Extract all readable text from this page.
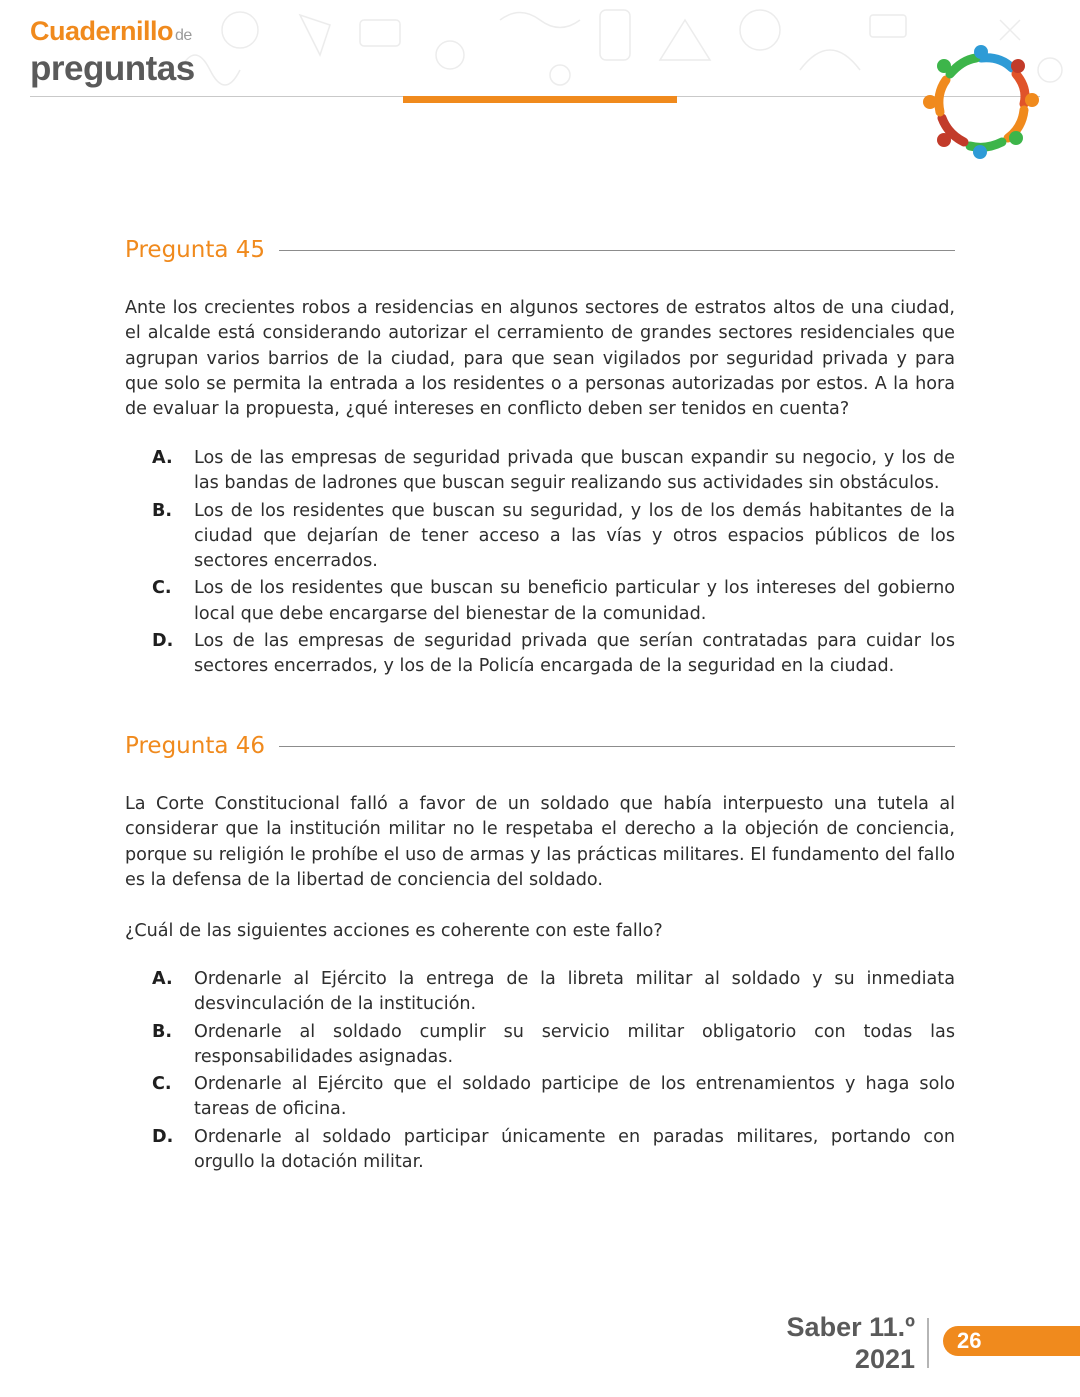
Cuadernillo de
preguntas
Pregunta 45
Ante los crecientes robos a residencias en algunos sectores de estratos altos de una ciudad, el alcalde está considerando autorizar el cerramiento de grandes sectores residenciales que agrupan varios barrios de la ciudad, para que sean vigilados por seguridad privada y para que solo se permita la entrada a los residentes o a personas autorizadas por estos. A la hora de evaluar la propuesta, ¿qué intereses en conflicto deben ser tenidos en cuenta?
A.	Los de las empresas de seguridad privada que buscan expandir su negocio, y los de las bandas de ladrones que buscan seguir realizando sus actividades sin obstáculos.
B.	Los de los residentes que buscan su seguridad, y los de los demás habitantes de la ciudad que dejarían de tener acceso a las vías y otros espacios públicos de los sectores encerrados.
C.	Los de los residentes que buscan su beneficio particular y los intereses del gobierno local que debe encargarse del bienestar de la comunidad.
D.	Los de las empresas de seguridad privada que serían contratadas para cuidar los sectores encerrados, y los de la Policía encargada de la seguridad en la ciudad.
Pregunta 46
La Corte Constitucional falló a favor de un soldado que había interpuesto una tutela al considerar que la institución militar no le respetaba el derecho a la objeción de conciencia, porque su religión le prohíbe el uso de armas y las prácticas militares. El fundamento del fallo es la defensa de la libertad de conciencia del soldado.
¿Cuál de las siguientes acciones es coherente con este fallo?
A.	Ordenarle al Ejército la entrega de la libreta militar al soldado y su inmediata desvinculación de la institución.
B.	Ordenarle al soldado cumplir su servicio militar obligatorio con todas las responsabilidades asignadas.
C.	Ordenarle al Ejército que el soldado participe de los entrenamientos y haga solo tareas de oficina.
D.	Ordenarle al soldado participar únicamente en paradas militares, portando con orgullo la dotación militar.
Saber 11.º
2021
26
